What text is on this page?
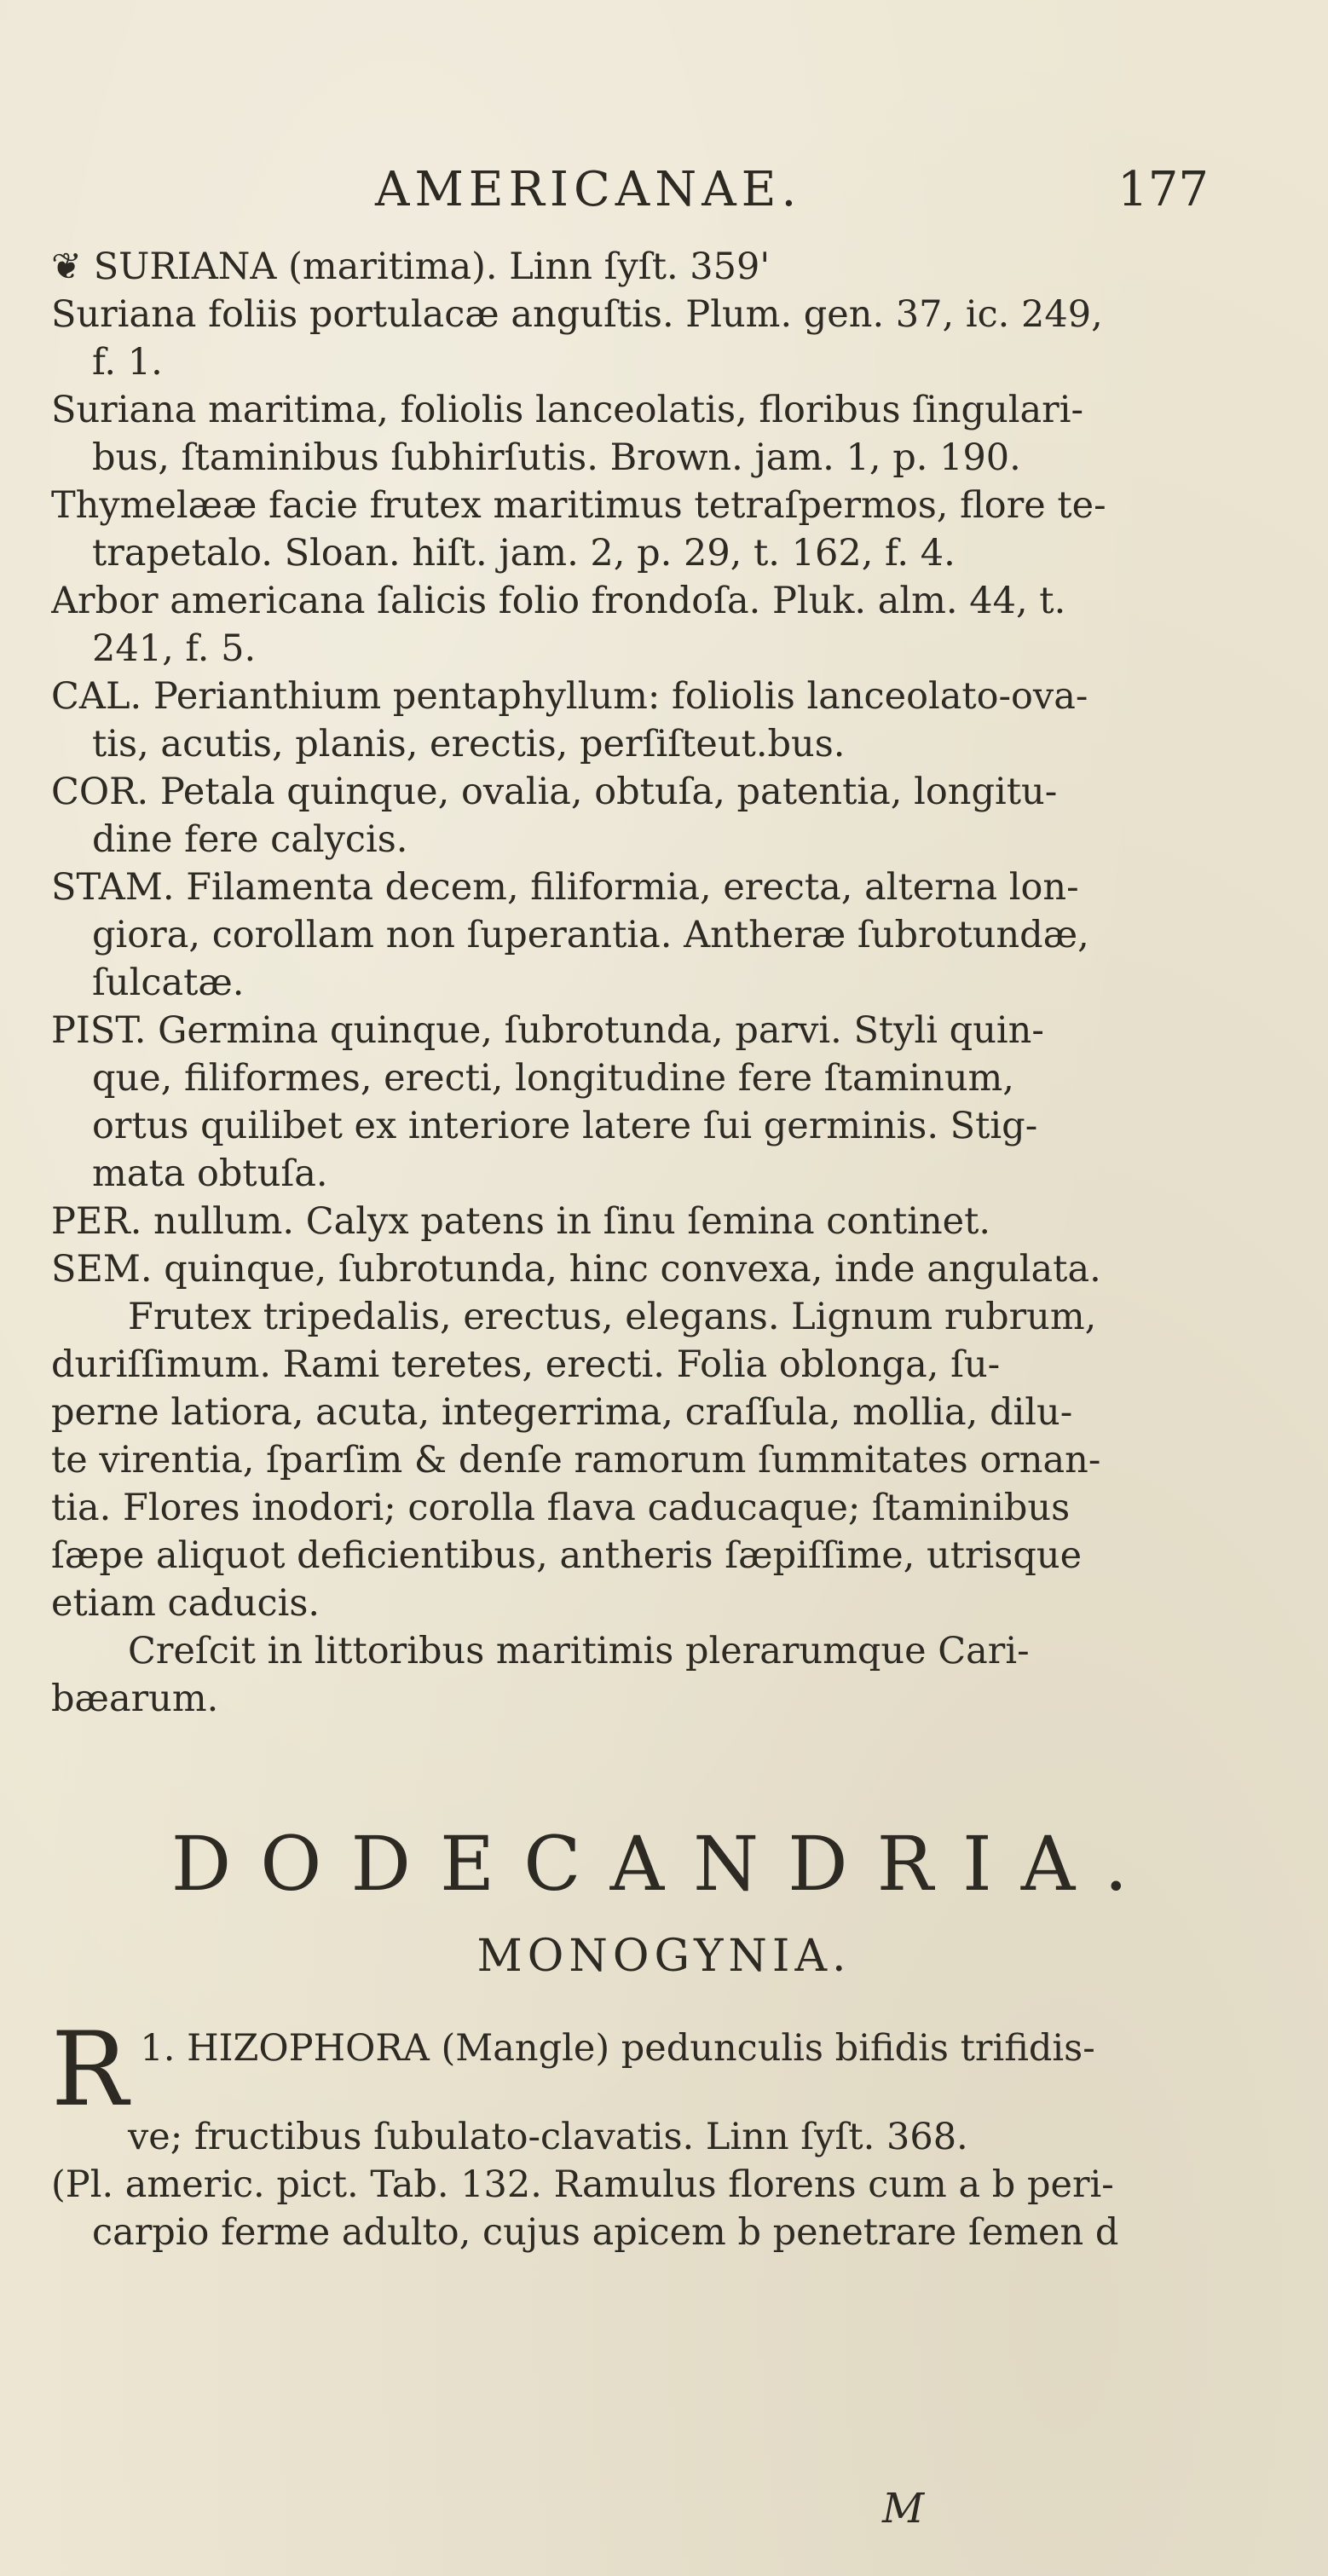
AMERICANAE.	177
❦ SURIANA (maritima). Linn ſyſt. 359'
Suriana foliis portulacæ anguſtis. Plum. gen. 37, ic. 249,
f. 1.
Suriana maritima, foliolis lanceolatis, floribus ſingulari-
bus, ſtaminibus ſubhirſutis. Brown. jam. 1, p. 190.
Thymelææ facie frutex maritimus tetraſpermos, flore te-
trapetalo. Sloan. hiſt. jam. 2, p. 29, t. 162, f. 4.
Arbor americana ſalicis folio frondoſa. Pluk. alm. 44, t.
241, f. 5.
CAL. Perianthium pentaphyllum: foliolis lanceolato-ova-
tis, acutis, planis, erectis, perſiſteut.bus.
COR. Petala quinque, ovalia, obtuſa, patentia, longitu-
dine fere calycis.
STAM. Filamenta decem, filiformia, erecta, alterna lon-
giora, corollam non ſuperantia. Antheræ ſubrotundæ,
ſulcatæ.
PIST. Germina quinque, ſubrotunda, parvi. Styli quin-
que, filiformes, erecti, longitudine fere ſtaminum,
ortus quilibet ex interiore latere ſui germinis. Stig-
mata obtuſa.
PER. nullum. Calyx patens in ſinu ſemina continet.
SEM. quinque, ſubrotunda, hinc convexa, inde angulata.
Frutex tripedalis, erectus, elegans. Lignum rubrum,
duriſſimum. Rami teretes, erecti. Folia oblonga, ſu-
perne latiora, acuta, integerrima, craſſula, mollia, dilu-
te virentia, ſparſim & denſe ramorum ſummitates ornan-
tia. Flores inodori; corolla flava caducaque; ſtaminibus
ſæpe aliquot deficientibus, antheris ſæpiſſime, utrisque
etiam caducis.
Creſcit in littoribus maritimis plerarumque Cari-
bæarum.
DODECANDRIA.
MONOGYNIA.
1.
R HIZOPHORA (Mangle) pedunculis bifidis trifidis-
ve; fructibus ſubulato-clavatis. Linn ſyſt. 368.
(Pl. americ. pict. Tab. 132. Ramulus florens cum a b peri-
carpio ferme adulto, cujus apicem b penetrare ſemen d
M
